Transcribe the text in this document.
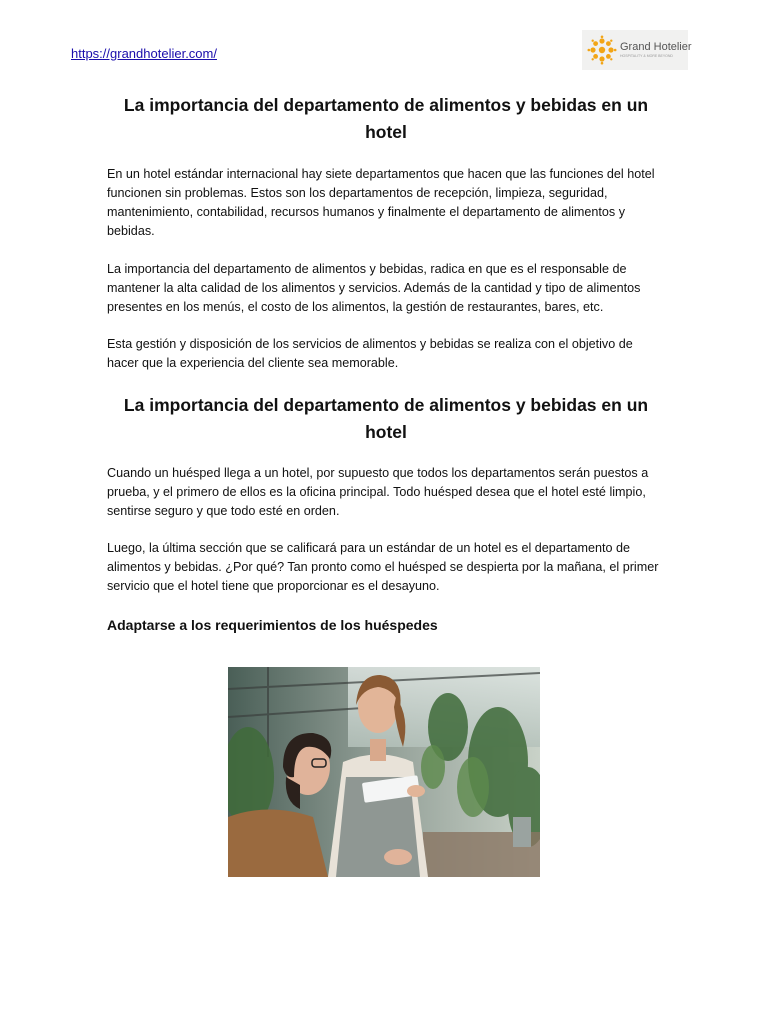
https://grandhotelier.com/	Grand Hotelier
HOSPITALITY & MORE BEYOND
La importancia del departamento de alimentos y bebidas en un hotel

En un hotel estándar internacional hay siete departamentos que hacen que las funciones del hotel funcionen sin problemas. Estos son los departamentos de recepción, limpieza, seguridad, mantenimiento, contabilidad, recursos humanos y finalmente el departamento de alimentos y bebidas.

La importancia del departamento de alimentos y bebidas, radica en que es el responsable de mantener la alta calidad de los alimentos y servicios. Además de la cantidad y tipo de alimentos presentes en los menús, el costo de los alimentos, la gestión de restaurantes, bares, etc.

Esta gestión y disposición de los servicios de alimentos y bebidas se realiza con el objetivo de hacer que la experiencia del cliente sea memorable.

La importancia del departamento de alimentos y bebidas en un hotel

Cuando un huésped llega a un hotel, por supuesto que todos los departamentos serán puestos a prueba, y el primero de ellos es la oficina principal. Todo huésped desea que el hotel esté limpio, sentirse seguro y que todo esté en orden.

Luego, la última sección que se calificará para un estándar de un hotel es el departamento de alimentos y bebidas. ¿Por qué? Tan pronto como el huésped se despierta por la mañana, el primer servicio que el hotel tiene que proporcionar es el desayuno.

Adaptarse a los requerimientos de los huéspedes
